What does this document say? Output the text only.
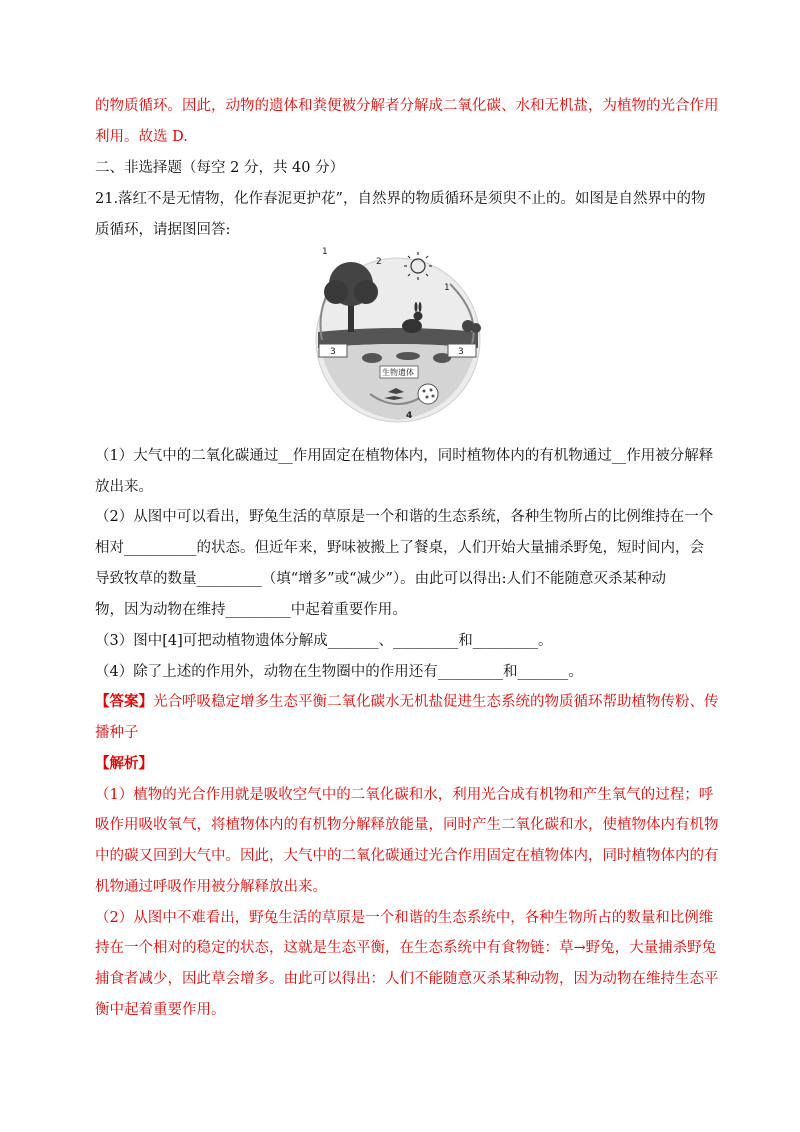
的物质循环。因此，动物的遗体和粪便被分解者分解成二氧化碳、水和无机盐，为植物的光合作用
利用。故选 D.
二、非选择题（每空 2 分，共 40 分）
21.落红不是无情物，化作春泥更护花”，自然界的物质循环是须臾不止的。如图是自然界中的物
质循环，请据图回答:
1
2
1
3	3
生物遗体
4
（1）大气中的二氧化碳通过__作用固定在植物体内，同时植物体内的有机物通过__作用被分解释
放出来。
（2）从图中可以看出，野兔生活的草原是一个和谐的生态系统，各种生物所占的比例维持在一个
相对__________的状态。但近年来，野味被搬上了餐桌，人们开始大量捕杀野兔，短时间内，会
导致牧草的数量_________（填“增多”或“减少”）。由此可以得出:人们不能随意灭杀某种动
物，因为动物在维持_________中起着重要作用。
（3）图中[4]可把动植物遗体分解成_______、_________和_________。
（4）除了上述的作用外，动物在生物圈中的作用还有_________和_______。
【答案】光合呼吸稳定增多生态平衡二氧化碳水无机盐促进生态系统的物质循环帮助植物传粉、传
播种子
【解析】
（1）植物的光合作用就是吸收空气中的二氧化碳和水，利用光合成有机物和产生氧气的过程；呼
吸作用吸收氧气，将植物体内的有机物分解释放能量，同时产生二氧化碳和水，使植物体内有机物
中的碳又回到大气中。因此，大气中的二氧化碳通过光合作用固定在植物体内，同时植物体内的有
机物通过呼吸作用被分解释放出来。
（2）从图中不难看出，野兔生活的草原是一个和谐的生态系统中，各种生物所占的数量和比例维
持在一个相对的稳定的状态，这就是生态平衡，在生态系统中有食物链：草→野兔，大量捕杀野兔
捕食者减少，因此草会增多。由此可以得出：人们不能随意灭杀某种动物，因为动物在维持生态平
衡中起着重要作用。
